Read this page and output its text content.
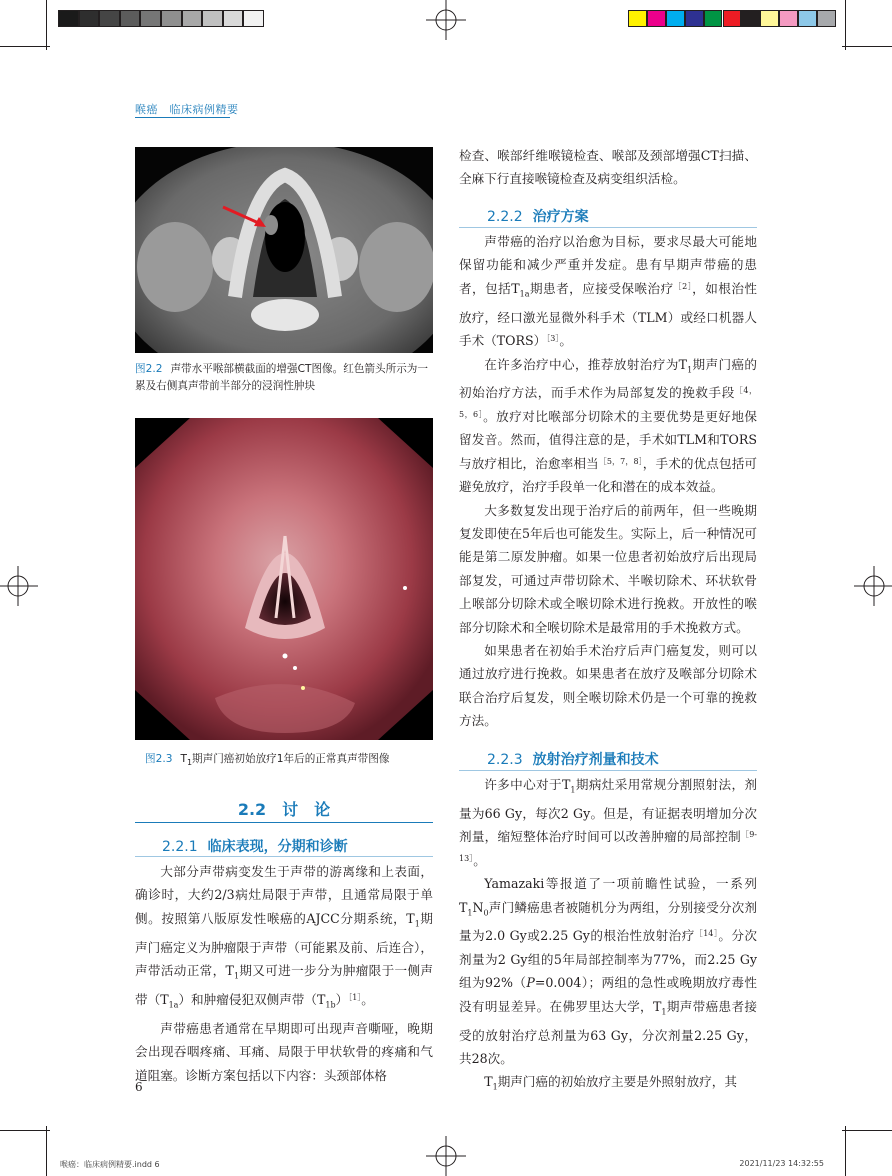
喉癌　临床病例精要
图2.2 声带水平喉部横截面的增强CT图像。红色箭头所示为一累及右侧真声带前半部分的浸润性肿块
图2.3 $T_1$期声门癌初始放疗1年后的正常真声带图像
2.2　讨　论
2.2.1 临床表现，分期和诊断

大部分声带病变发生于声带的游离缘和上表面，确诊时，大约2/3病灶局限于声带，且通常局限于单侧。按照第八版原发性喉癌的AJCC分期系统，$T_1$期声门癌定义为肿瘤限于声带（可能累及前、后连合），声带活动正常，$T_1$期又可进一步分为肿瘤限于一侧声带$(T_{1a})$和肿瘤侵犯双侧声带$(T_{1b})^{[1]}$。

声带癌患者通常在早期即可出现声音嘶哑，晚期会出现吞咽疼痛、耳痛、局限于甲状软骨的疼痛和气道阻塞。诊断方案包括以下内容：头颈部体格

检查、喉部纤维喉镜检查、喉部及颈部增强CT扫描、全麻下行直接喉镜检查及病变组织活检。

2.2.2 治疗方案

声带癌的治疗以治愈为目标，要求尽最大可能地保留功能和减少严重并发症。患有早期声带癌的患者，包括$T_{1a}$期患者，应接受保喉治疗$^{[2]}$，如根治性放疗，经口激光显微外科手术（TLM）或经口机器人手术（TORS）$^{[3]}$。

在许多治疗中心，推荐放射治疗为$T_1$期声门癌的初始治疗方法，而手术作为局部复发的挽救手段$^{[4,5,6]}$。放疗对比喉部分切除术的主要优势是更好地保留发音。然而，值得注意的是，手术如TLM和TORS与放疗相比，治愈率相当$^{[5,7,8]}$，手术的优点包括可避免放疗，治疗手段单一化和潜在的成本效益。

大多数复发出现于治疗后的前两年，但一些晚期复发即使在5年后也可能发生。实际上，后一种情况可能是第二原发肿瘤。如果一位患者初始放疗后出现局部复发，可通过声带切除术、半喉切除术、环状软骨上喉部分切除术或全喉切除术进行挽救。开放性的喉部分切除术和全喉切除术是最常用的手术挽救方式。

如果患者在初始手术治疗后声门癌复发，则可以通过放疗进行挽救。如果患者在放疗及喉部分切除术联合治疗后复发，则全喉切除术仍是一个可靠的挽救方法。

2.2.3 放射治疗剂量和技术

许多中心对于$T_1$期病灶采用常规分割照射法，剂量为66 Gy，每次2 Gy。但是，有证据表明增加分次剂量，缩短整体治疗时间可以改善肿瘤的局部控制$^{[9-13]}$。

Yamazaki等报道了一项前瞻性试验，一系列$T_1N_0$声门鳞癌患者被随机分为两组，分别接受分次剂量为2.0 Gy或2.25 Gy的根治性放射治疗$^{[14]}$。分次剂量为2 Gy组的5年局部控制率为77%，而2.25 Gy组为92%（P=0.004）；两组的急性或晚期放疗毒性没有明显差异。在佛罗里达大学，$T_1$期声带癌患者接受的放射治疗总剂量为63 Gy，分次剂量2.25 Gy，共28次。

$T_1$期声门癌的初始放疗主要是外照射放疗，其

6
喉癌：临床病例精要.indd 6	2021/11/23 14:32:55
